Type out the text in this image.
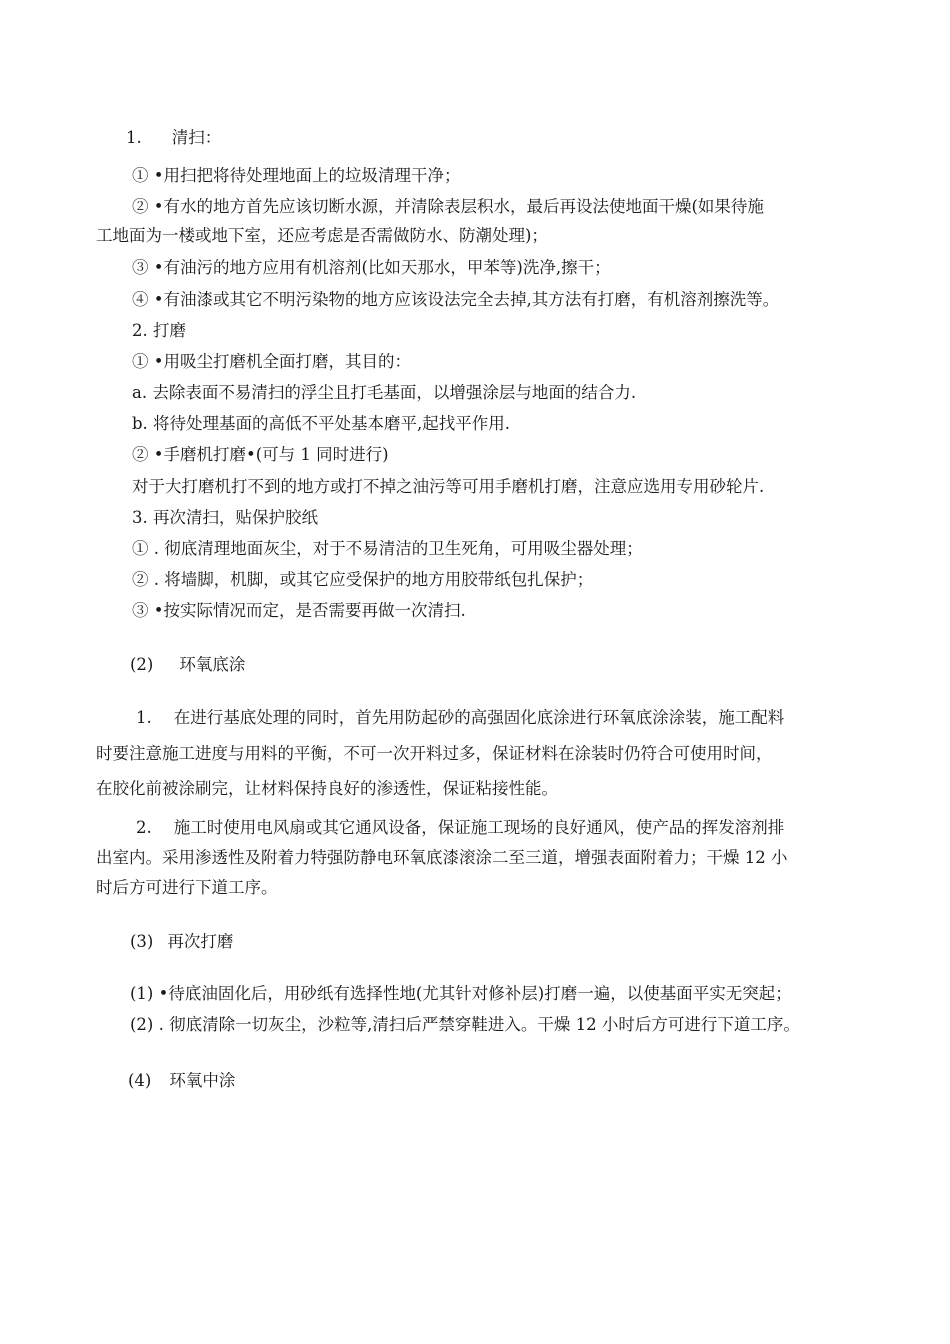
1. 清扫：

① •用扫把将待处理地面上的垃圾清理干净；

② •有水的地方首先应该切断水源，并清除表层积水，最后再设法使地面干燥(如果待施

工地面为一楼或地下室，还应考虑是否需做防水、防潮处理)；

③ •有油污的地方应用有机溶剂(比如天那水，甲苯等)洗净,擦干；

④ •有油漆或其它不明污染物的地方应该设法完全去掉,其方法有打磨，有机溶剂擦洗等。

2. 打磨

① •用吸尘打磨机全面打磨，其目的：

a. 去除表面不易清扫的浮尘且打毛基面，以增强涂层与地面的结合力.

b. 将待处理基面的高低不平处基本磨平,起找平作用.

② •手磨机打磨•(可与 1 同时进行)

对于大打磨机打不到的地方或打不掉之油污等可用手磨机打磨，注意应选用专用砂轮片.

3. 再次清扫，贴保护胶纸

① . 彻底清理地面灰尘，对于不易清洁的卫生死角，可用吸尘器处理；

② . 将墙脚，机脚，或其它应受保护的地方用胶带纸包扎保护；

③ •按实际情况而定，是否需要再做一次清扫.

(2) 环氧底涂

1. 在进行基底处理的同时，首先用防起砂的高强固化底涂进行环氧底涂涂装，施工配料

时要注意施工进度与用料的平衡，不可一次开料过多，保证材料在涂装时仍符合可使用时间，

在胶化前被涂刷完，让材料保持良好的渗透性，保证粘接性能。

2. 施工时使用电风扇或其它通风设备，保证施工现场的良好通风，使产品的挥发溶剂排

出室内。采用渗透性及附着力特强防静电环氧底漆滚涂二至三道，增强表面附着力；干燥 12 小

时后方可进行下道工序。

(3) 再次打磨

(1) •待底油固化后，用砂纸有选择性地(尤其针对修补层)打磨一遍，以使基面平实无突起；

(2) . 彻底清除一切灰尘，沙粒等,清扫后严禁穿鞋进入。干燥 12 小时后方可进行下道工序。

(4) 环氧中涂
